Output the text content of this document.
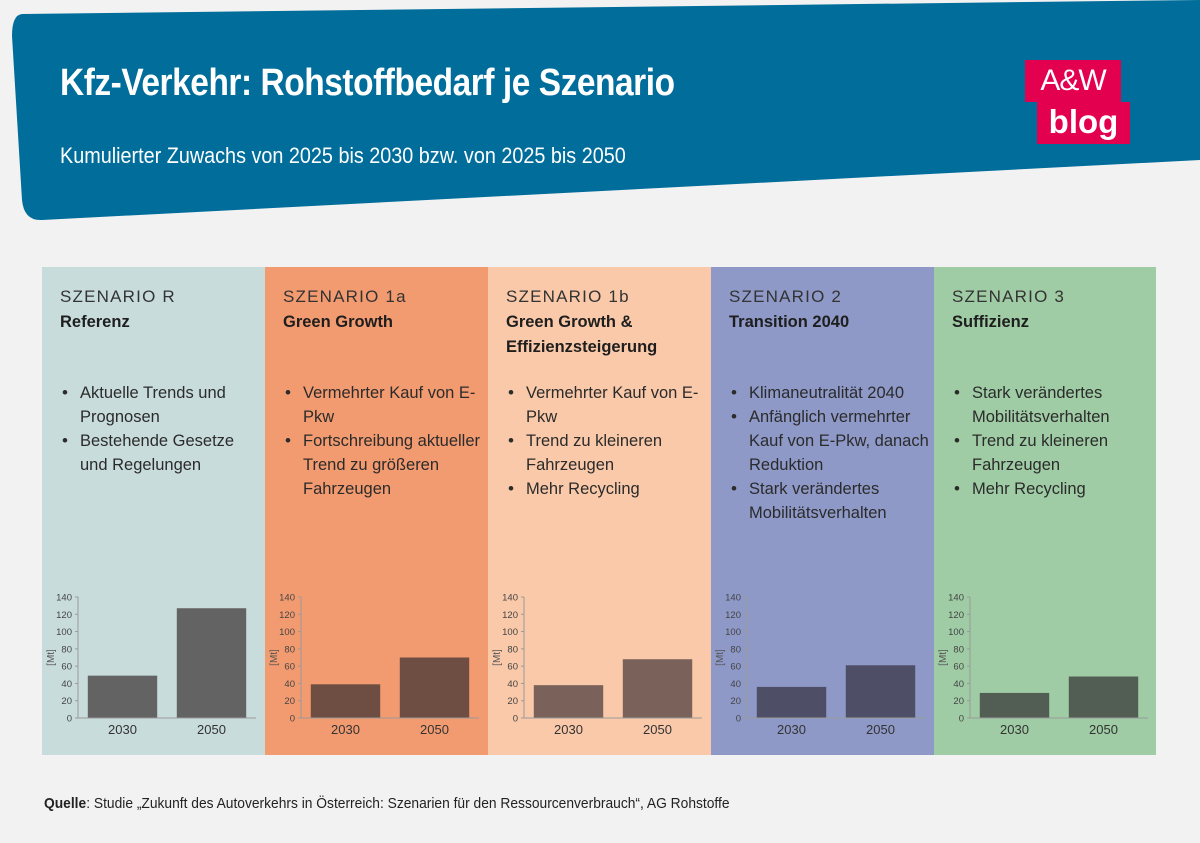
Kfz-Verkehr: Rohstoffbedarf je Szenario
Kumulierter Zuwachs von 2025 bis 2030 bzw. von 2025 bis 2050
A&W
blog
SZENARIO R
Referenz
• Aktuelle Trends und Prognosen
• Bestehende Gesetze und Regelungen
[Mt]
0
20
40
60
80
100
120
140
2030	2050
SZENARIO 1a
Green Growth
• Vermehrter Kauf von E-Pkw
• Fortschreibung aktueller Trend zu größeren Fahrzeugen
[Mt]
0
20
40
60
80
100
120
140
2030	2050
SZENARIO 1b
Green Growth & Effizienzsteigerung
• Vermehrter Kauf von E-Pkw
• Trend zu kleineren Fahrzeugen
• Mehr Recycling
[Mt]
0
20
40
60
80
100
120
140
2030	2050
SZENARIO 2
Transition 2040
• Klimaneutralität 2040
• Anfänglich vermehrter Kauf von E-Pkw, danach Reduktion
• Stark verändertes Mobilitätsverhalten
[Mt]
0
20
40
60
80
100
120
140
2030	2050
SZENARIO 3
Suffizienz
• Stark verändertes Mobilitätsverhalten
• Trend zu kleineren Fahrzeugen
• Mehr Recycling
[Mt]
0
20
40
60
80
100
120
140
2030	2050
Quelle: Studie „Zukunft des Autoverkehrs in Österreich: Szenarien für den Ressourcenverbrauch“, AG Rohstoffe
